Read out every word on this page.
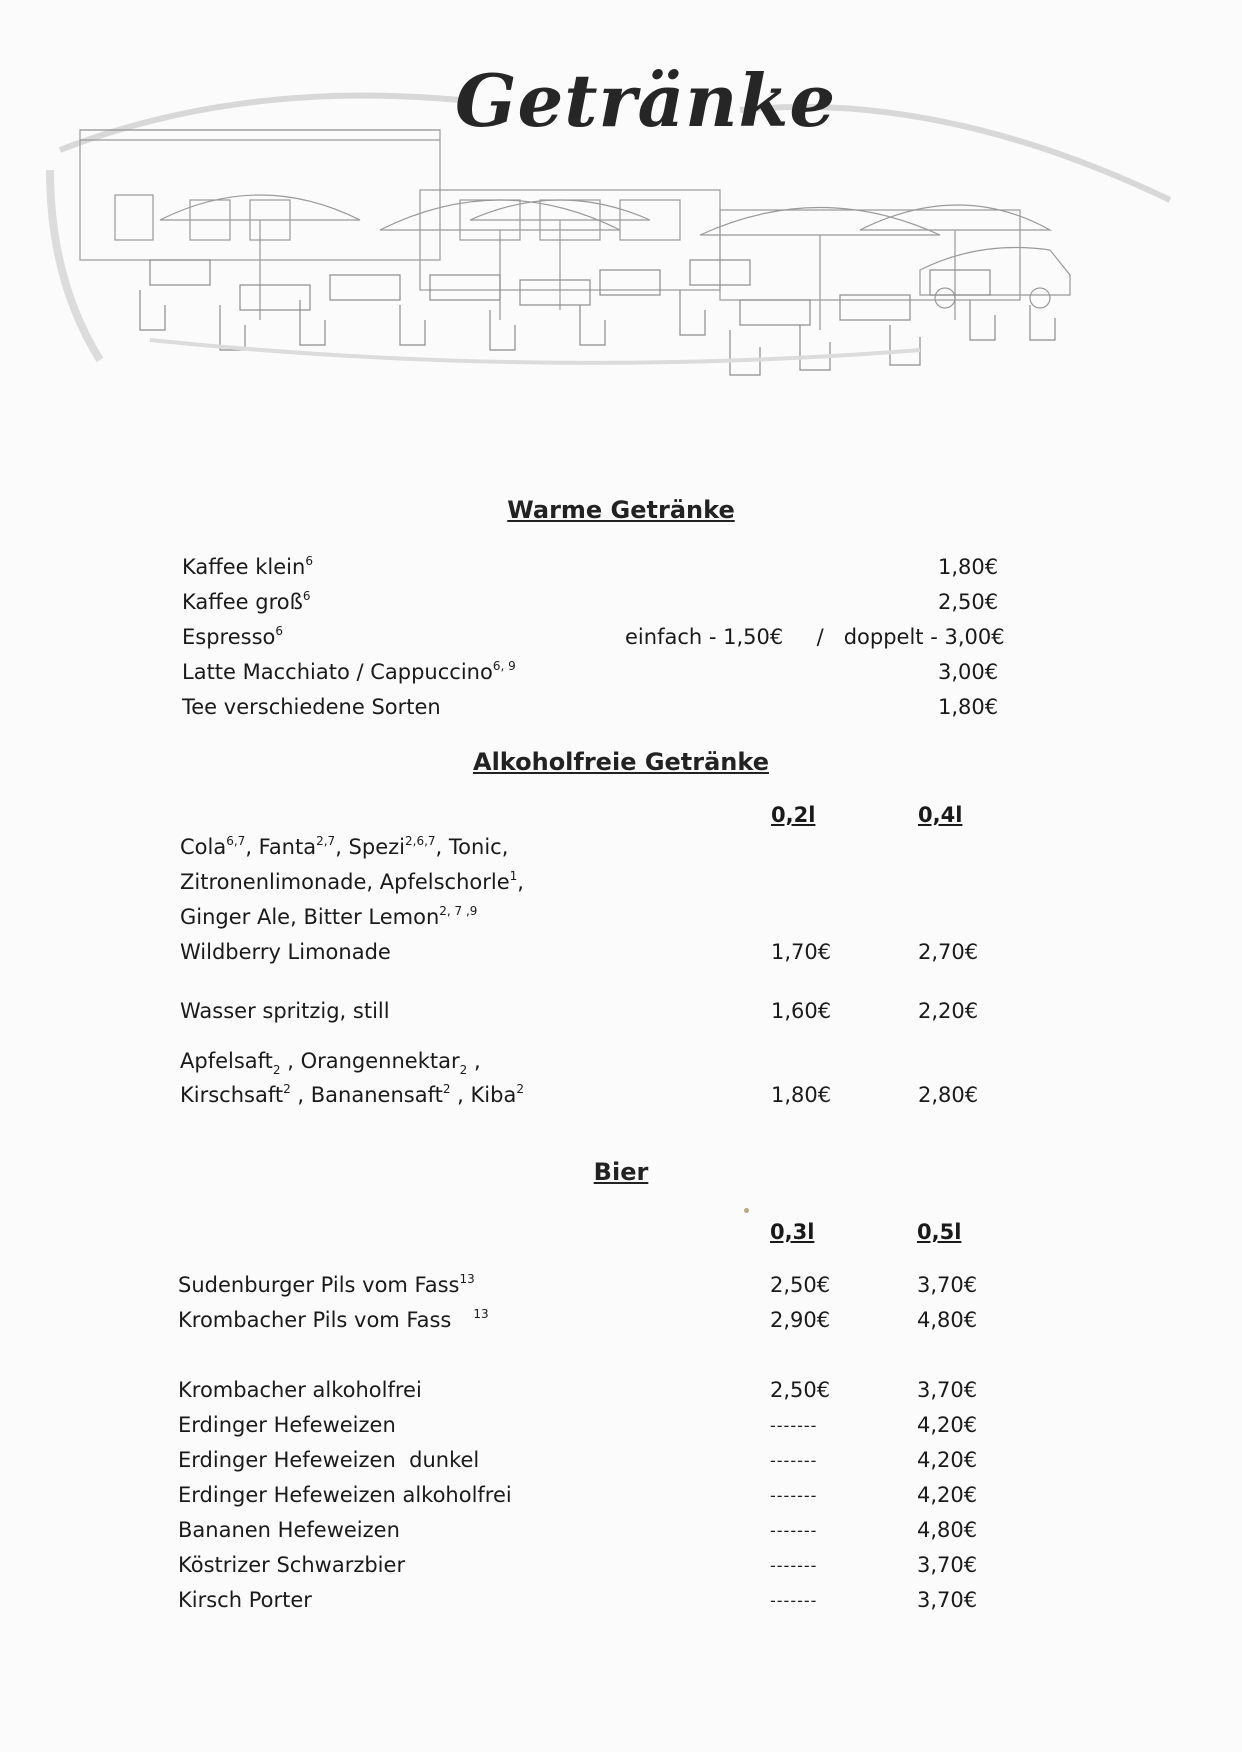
Getränke
Warme Getränke
Kaffee klein$^6$	1,80€
Kaffee groß$^6$	2,50€
Espresso$^6$	einfach - 1,50€     /   doppelt - 3,00€
Latte Macchiato / Cappuccino$^{6, 9}$	3,00€
Tee verschiedene Sorten	1,80€
Alkoholfreie Getränke
0,2l	0,4l
Cola$^{6,7}$, Fanta$^{2,7}$, Spezi$^{2,6,7}$, Tonic,
Zitronenlimonade, Apfelschorle$^1$,
Ginger Ale, Bitter Lemon$^{2, 7 ,9}$
Wildberry Limonade	1,70€	2,70€
Wasser spritzig, still	1,60€	2,20€
Apfelsaft$_2$ , Orangennektar$_2$ ,
Kirschsaft$^2$ , Bananensaft$^2$ , Kiba$^2$	1,80€	2,80€
Bier
0,3l	0,5l
Sudenburger Pils vom Fass$^{13}$	2,50€	3,70€
Krombacher Pils vom Fass $^{13}$	2,90€	4,80€
Krombacher alkoholfrei	2,50€	3,70€
Erdinger Hefeweizen	-------	4,20€
Erdinger Hefeweizen  dunkel	-------	4,20€
Erdinger Hefeweizen alkoholfrei	-------	4,20€
Bananen Hefeweizen	-------	4,80€
Köstrizer Schwarzbier	-------	3,70€
Kirsch Porter	-------	3,70€
